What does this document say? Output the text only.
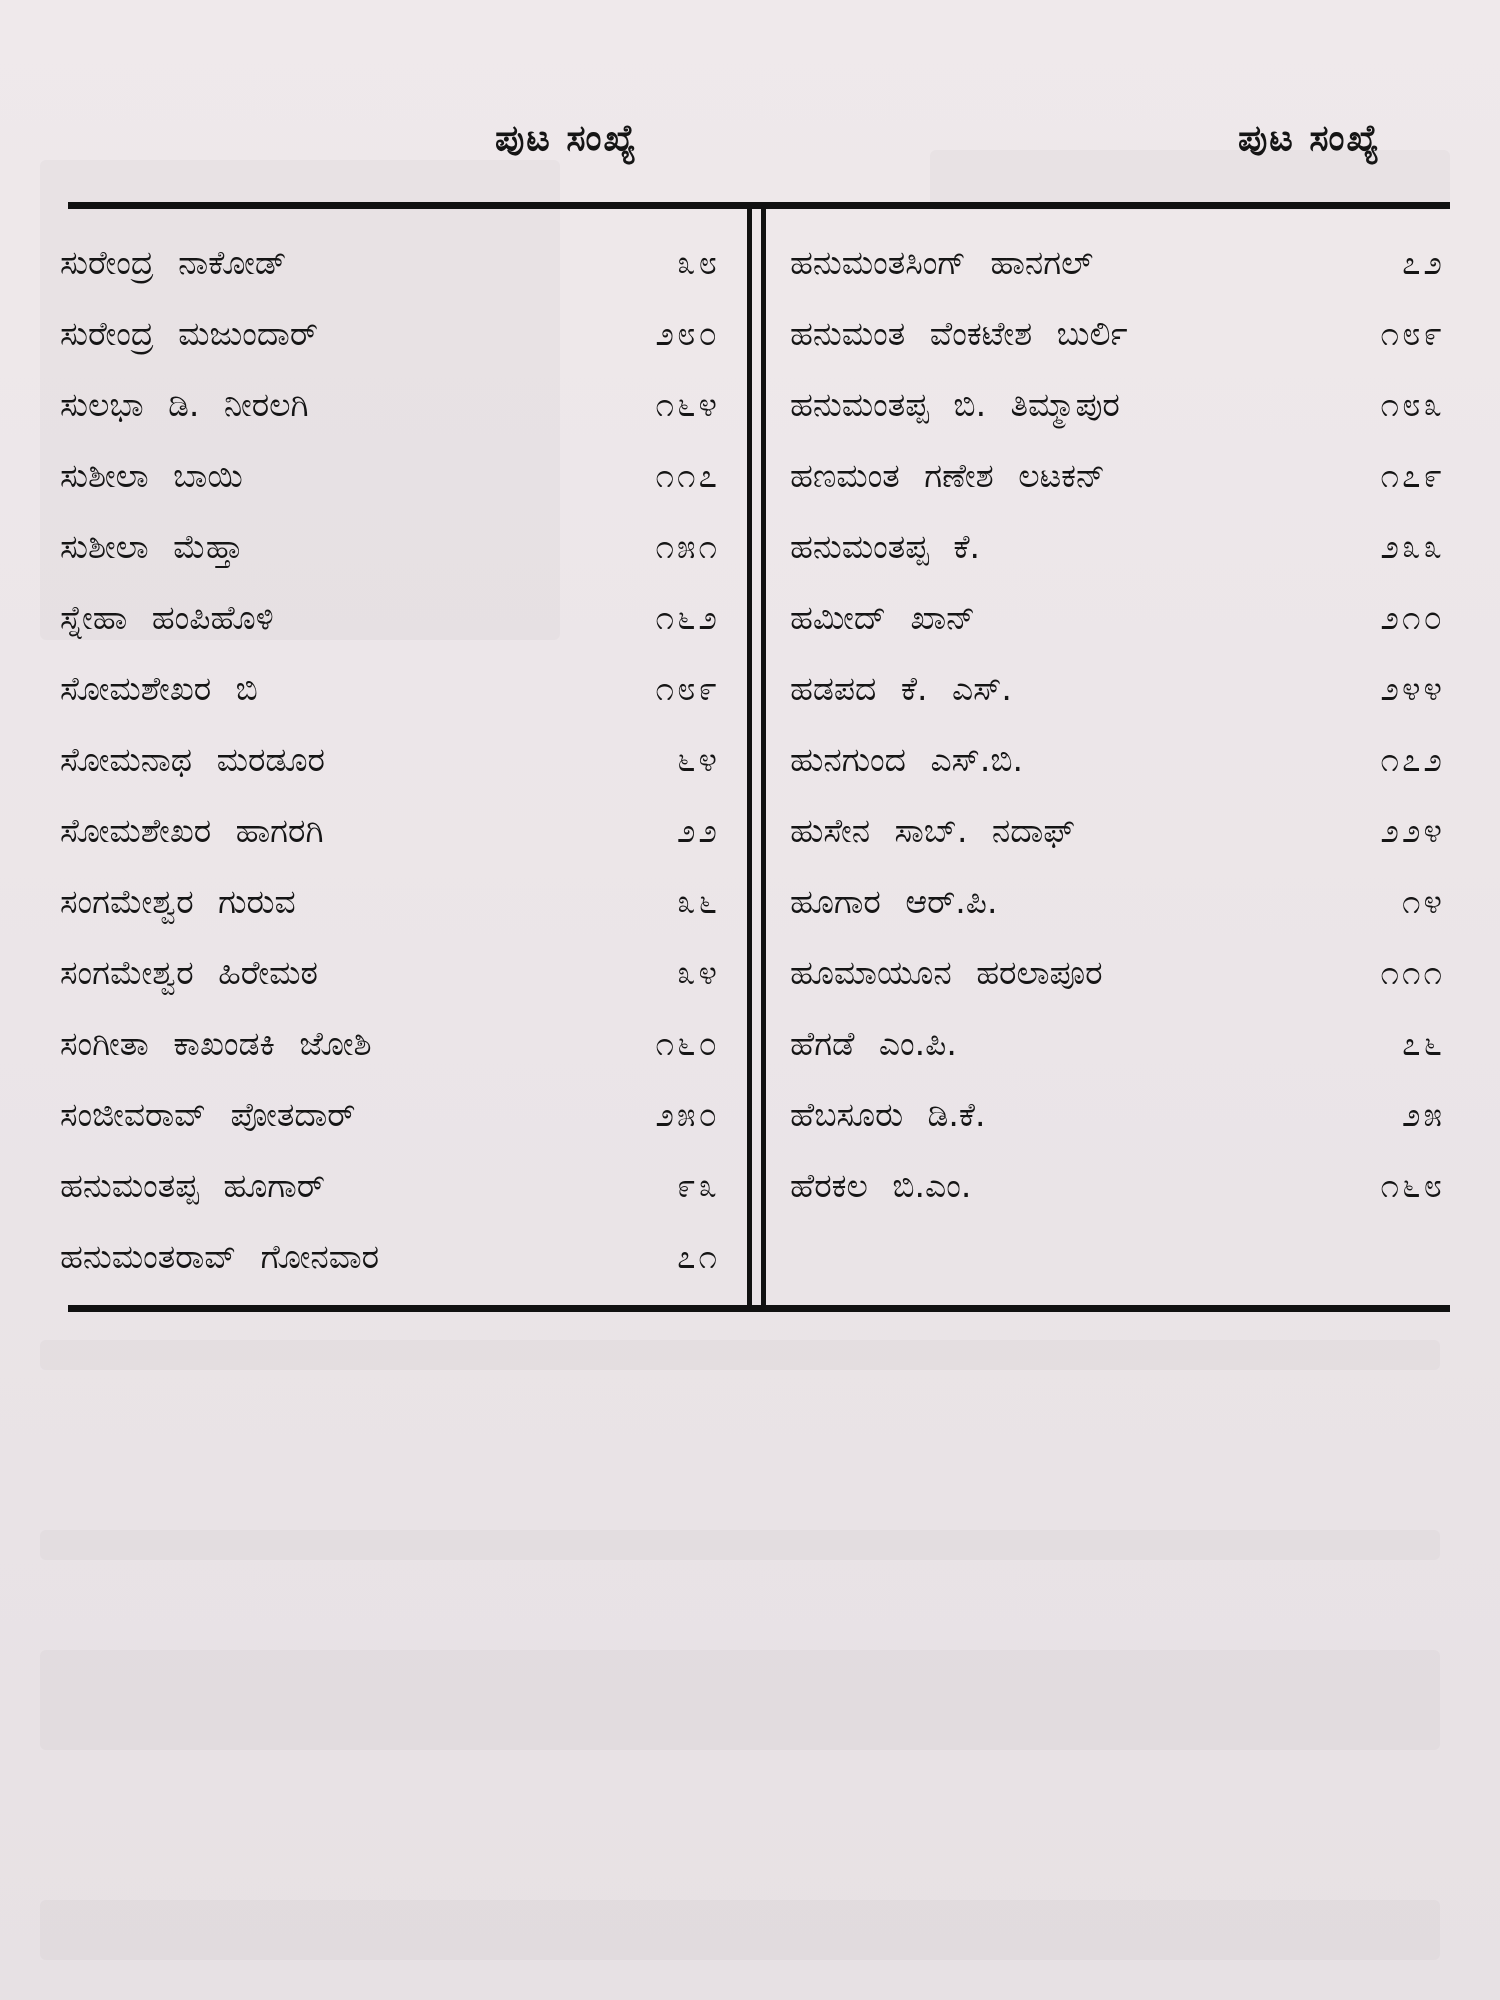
ಪುಟ ಸಂಖ್ಯೆ	ಪುಟ ಸಂಖ್ಯೆ
ಸುರೇಂದ್ರ ನಾಕೋಡ್	೩೮
ಸುರೇಂದ್ರ ಮಜುಂದಾರ್	೨೮೦
ಸುಲಭಾ ಡಿ. ನೀರಲಗಿ	೧೬೪
ಸುಶೀಲಾ ಬಾಯಿ	೧೧೭
ಸುಶೀಲಾ ಮೆಹ್ತಾ	೧೫೧
ಸ್ನೇಹಾ ಹಂಪಿಹೊಳಿ	೧೬೨
ಸೋಮಶೇಖರ ಬಿ	೧೮೯
ಸೋಮನಾಥ ಮರಡೂರ	೬೪
ಸೋಮಶೇಖರ ಹಾಗರಗಿ	೨೨
ಸಂಗಮೇಶ್ವರ ಗುರುವ	೩೬
ಸಂಗಮೇಶ್ವರ ಹಿರೇಮಠ	೩೪
ಸಂಗೀತಾ ಕಾಖಂಡಕಿ ಜೋಶಿ	೧೬೦
ಸಂಜೀವರಾವ್ ಪೋತದಾರ್	೨೫೦
ಹನುಮಂತಪ್ಪ ಹೂಗಾರ್	೯೩
ಹನುಮಂತರಾವ್ ಗೋನವಾರ	೭೧
ಹನುಮಂತಸಿಂಗ್ ಹಾನಗಲ್	೭೨
ಹನುಮಂತ ವೆಂಕಟೇಶ ಬುರ್ಲಿ	೧೮೯
ಹನುಮಂತಪ್ಪ ಬಿ. ತಿಮ್ಮಾಪುರ	೧೮೩
ಹಣಮಂತ ಗಣೇಶ ಲಟಕನ್	೧೭೯
ಹನುಮಂತಪ್ಪ ಕೆ.	೨೩೩
ಹಮೀದ್ ಖಾನ್	೨೧೦
ಹಡಪದ ಕೆ. ಎಸ್.	೨೪೪
ಹುನಗುಂದ ಎಸ್.ಬಿ.	೧೭೨
ಹುಸೇನ ಸಾಬ್. ನದಾಫ್	೨೨೪
ಹೂಗಾರ ಆರ್.ಪಿ.	೧೪
ಹೂಮಾಯೂನ ಹರಲಾಪೂರ	೧೧೧
ಹೆಗಡೆ ಎಂ.ಪಿ.	೭೬
ಹೆಬಸೂರು ಡಿ.ಕೆ.	೨೫
ಹೆರಕಲ ಬಿ.ಎಂ.	೧೬೮
